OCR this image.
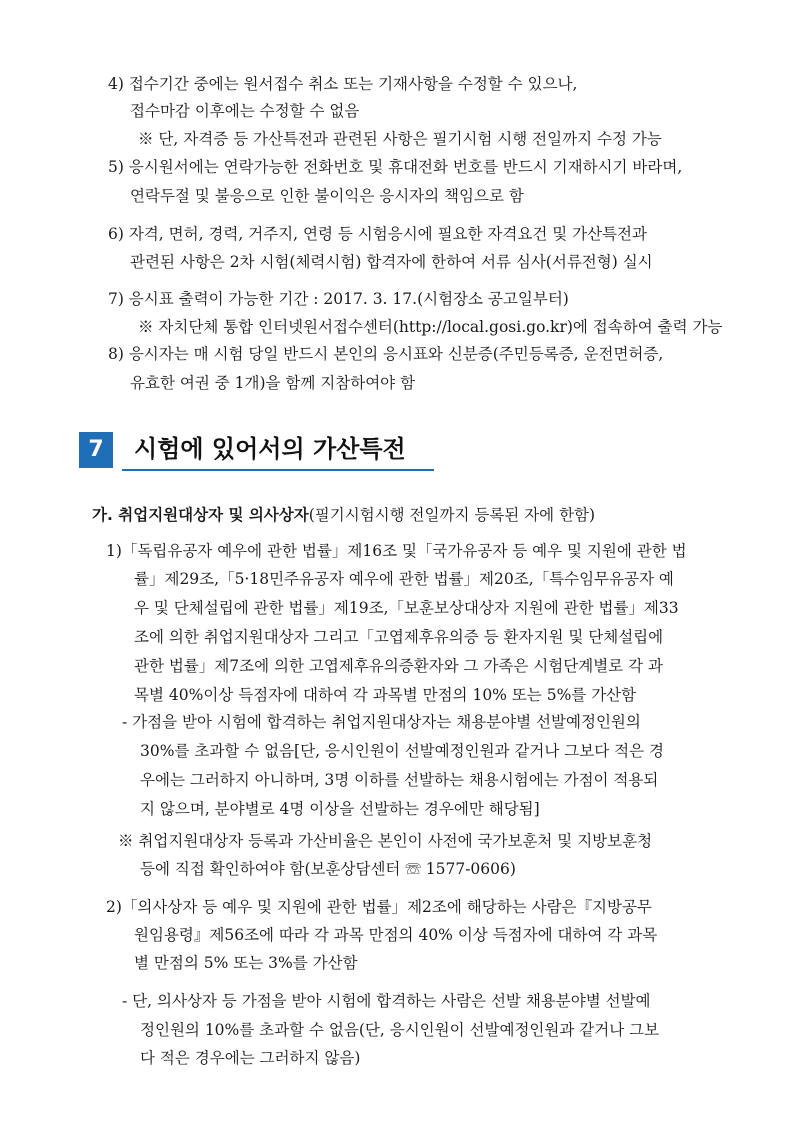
4) 접수기간 중에는 원서접수 취소 또는 기재사항을 수정할 수 있으나,
접수마감 이후에는 수정할 수 없음
※ 단, 자격증 등 가산특전과 관련된 사항은 필기시험 시행 전일까지 수정 가능
5) 응시원서에는 연락가능한 전화번호 및 휴대전화 번호를 반드시 기재하시기 바라며,
연락두절 및 불응으로 인한 불이익은 응시자의 책임으로 함
6) 자격, 면허, 경력, 거주지, 연령 등 시험응시에 필요한 자격요건 및 가산특전과
관련된 사항은 2차 시험(체력시험) 합격자에 한하여 서류 심사(서류전형) 실시
7) 응시표 출력이 가능한 기간 : 2017. 3. 17.(시험장소 공고일부터)
※ 자치단체 통합 인터넷원서접수센터(http://local.gosi.go.kr)에 접속하여 출력 가능
8) 응시자는 매 시험 당일 반드시 본인의 응시표와 신분증(주민등록증, 운전면허증,
유효한 여권 중 1개)을 함께 지참하여야 함
7	시험에 있어서의 가산특전
가. 취업지원대상자 및 의사상자(필기시험시행 전일까지 등록된 자에 한함)
1)「독립유공자 예우에 관한 법률」제16조 및「국가유공자 등 예우 및 지원에 관한 법
률」제29조,「5·18민주유공자 예우에 관한 법률」제20조,「특수임무유공자 예
우 및 단체설립에 관한 법률」제19조,「보훈보상대상자 지원에 관한 법률」제33
조에 의한 취업지원대상자 그리고「고엽제후유의증 등 환자지원 및 단체설립에
관한 법률」제7조에 의한 고엽제후유의증환자와 그 가족은 시험단계별로 각 과
목별 40%이상 득점자에 대하여 각 과목별 만점의 10% 또는 5%를 가산함
- 가점을 받아 시험에 합격하는 취업지원대상자는 채용분야별 선발예정인원의
30%를 초과할 수 없음[단, 응시인원이 선발예정인원과 같거나 그보다 적은 경
우에는 그러하지 아니하며, 3명 이하를 선발하는 채용시험에는 가점이 적용되
지 않으며, 분야별로 4명 이상을 선발하는 경우에만 해당됨]
※ 취업지원대상자 등록과 가산비율은 본인이 사전에 국가보훈처 및 지방보훈청
등에 직접 확인하여야 함(보훈상담센터 ☏ 1577-0606)
2)「의사상자 등 예우 및 지원에 관한 법률」제2조에 해당하는 사람은『지방공무
원임용령』제56조에 따라 각 과목 만점의 40% 이상 득점자에 대하여 각 과목
별 만점의 5% 또는 3%를 가산함
- 단, 의사상자 등 가점을 받아 시험에 합격하는 사람은 선발 채용분야별 선발예
정인원의 10%를 초과할 수 없음(단, 응시인원이 선발예정인원과 같거나 그보
다 적은 경우에는 그러하지 않음)
